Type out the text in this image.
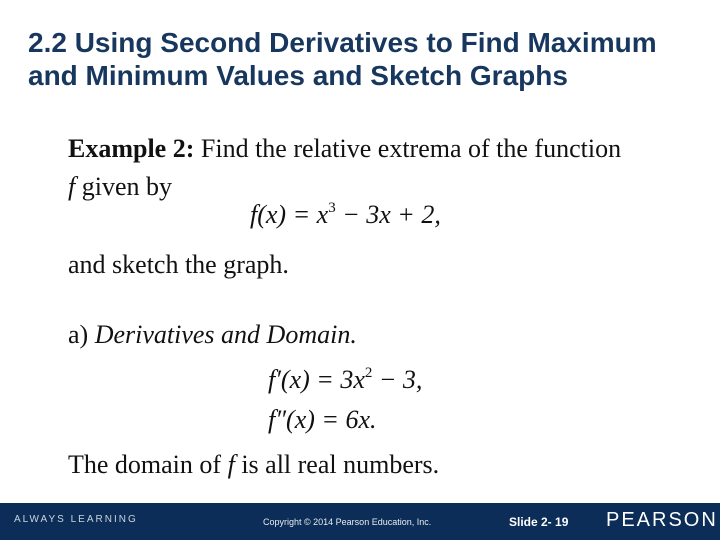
2.2 Using Second Derivatives to Find Maximum and Minimum Values and Sketch Graphs
Example 2: Find the relative extrema of the function
f given by
$f(x) = x^3 - 3x + 2$,
and sketch the graph.
a) Derivatives and Domain.
$f'(x) = 3x^2 - 3$,
f″(x) = 6x.
The domain of f is all real numbers.
ALWAYS LEARNING	Copyright © 2014 Pearson Education, Inc.	Slide 2- 19 PEARSON
